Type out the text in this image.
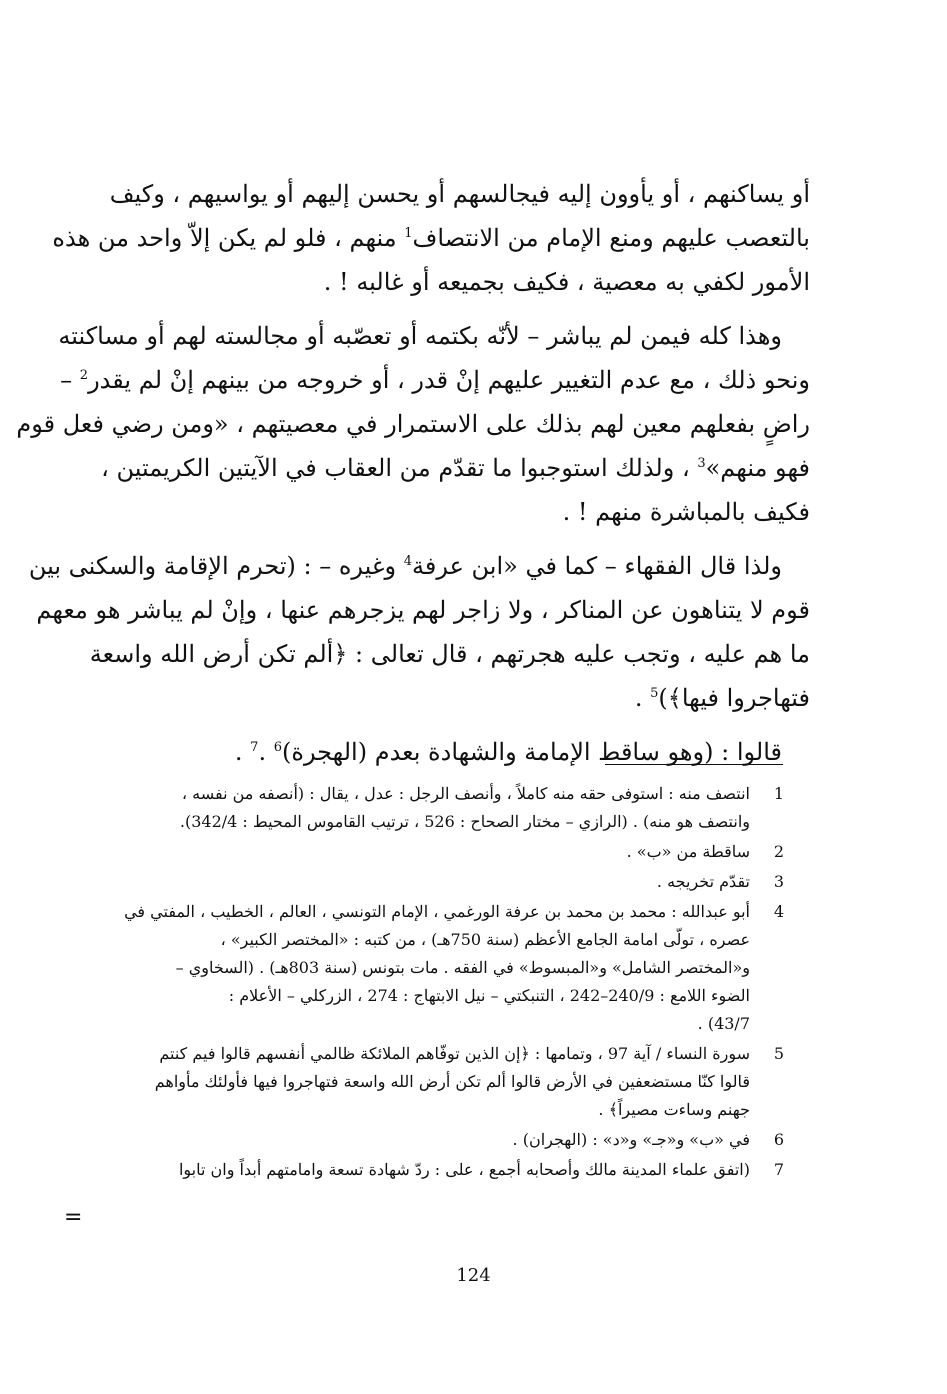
أو يساكنهم ، أو يأوون إليه فيجالسهم أو يحسن إليهم أو يواسيهم ، وكيف
بالتعصب عليهم ومنع الإمام من الانتصاف$^1$ منهم ، فلو لم يكن إلاّ واحد من هذه
الأمور لكفي به معصية ، فكيف بجميعه أو غالبه ! .

وهذا كله فيمن لم يباشر – لأنّه بكتمه أو تعصّبه أو مجالسته لهم أو مساكنته
ونحو ذلك ، مع عدم التغيير عليهم إنْ قدر ، أو خروجه من بينهم إنْ لم يقدر$^2$ –
راضٍ بفعلهم معين لهم بذلك على الاستمرار في معصيتهم ، «ومن رضي فعل قوم
فهو منهم»$^3$ ، ولذلك استوجبوا ما تقدّم من العقاب في الآيتين الكريمتين ،
فكيف بالمباشرة منهم ! .

ولذا قال الفقهاء – كما في «ابن عرفة$^4$ وغيره – : (تحرم الإقامة والسكنى بين
قوم لا يتناهون عن المناكر ، ولا زاجر لهم يزجرهم عنها ، وإنْ لم يباشر هو معهم
ما هم عليه ، وتجب عليه هجرتهم ، قال تعالى : ﴿ألم تكن أرض الله واسعة
فتهاجروا فيها﴾)$^5$ .

قالوا : (وهو ساقط الإمامة والشهادة بعدم (الهجرة)$^6$ .$^7$ .

1
انتصف منه : استوفى حقه منه كاملاً ، وأنصف الرجل : عدل ، يقال : (أنصفه من نفسه ،
وانتصف هو منه) . (الرازي – مختار الصحاح : 526 ، ترتيب القاموس المحيط : 342/4).
2
ساقطة من «ب» .
3
تقدّم تخريجه .
4
أبو عبدالله : محمد بن محمد بن عرفة الورغمي ، الإمام التونسي ، العالم ، الخطيب ، المفتي في
عصره ، تولّى امامة الجامع الأعظم (سنة 750هـ) ، من كتبه : «المختصر الكبير» ،
و«المختصر الشامل» و«المبسوط» في الفقه . مات بتونس (سنة 803هـ) . (السخاوي –
الضوء اللامع : 240/9–242 ، التنبكتي – نيل الابتهاج : 274 ، الزركلي – الأعلام :
43/7) .
5
سورة النساء / آية 97 ، وتمامها : ﴿إن الذين توفّاهم الملائكة ظالمي أنفسهم قالوا فيم كنتم
قالوا كنّا مستضعفين في الأرض قالوا ألم تكن أرض الله واسعة فتهاجروا فيها فأولئك مأواهم
جهنم وساءت مصيراً﴾ .
6
في «ب» و«جـ» و«د» : (الهجران) .
7
(اتفق علماء المدينة مالك وأصحابه أجمع ، على : ردّ شهادة تسعة وامامتهم أبداً وان تابوا
=
124
